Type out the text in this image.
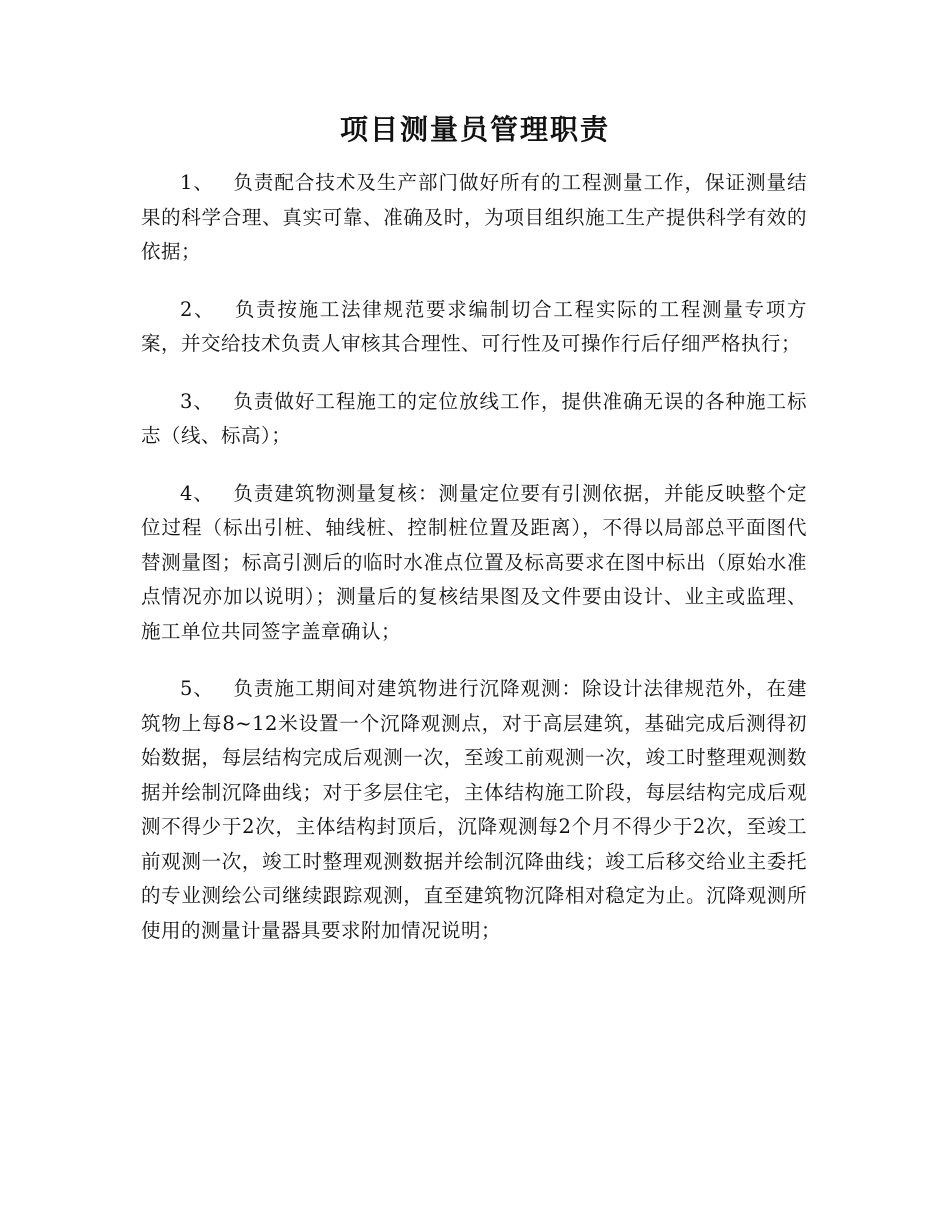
项目测量员管理职责

1、 负责配合技术及生产部门做好所有的工程测量工作，保证测量结果的科学合理、真实可靠、准确及时，为项目组织施工生产提供科学有效的依据；

2、 负责按施工法律规范要求编制切合工程实际的工程测量专项方案，并交给技术负责人审核其合理性、可行性及可操作行后仔细严格执行；

3、 负责做好工程施工的定位放线工作，提供准确无误的各种施工标志（线、标高）；

4、 负责建筑物测量复核：测量定位要有引测依据，并能反映整个定位过程（标出引桩、轴线桩、控制桩位置及距离），不得以局部总平面图代替测量图；标高引测后的临时水准点位置及标高要求在图中标出（原始水准点情况亦加以说明）；测量后的复核结果图及文件要由设计、业主或监理、施工单位共同签字盖章确认；

5、 负责施工期间对建筑物进行沉降观测：除设计法律规范外，在建筑物上每8~12米设置一个沉降观测点，对于高层建筑，基础完成后测得初始数据，每层结构完成后观测一次，至竣工前观测一次，竣工时整理观测数据并绘制沉降曲线；对于多层住宅，主体结构施工阶段，每层结构完成后观测不得少于2次，主体结构封顶后，沉降观测每2个月不得少于2次，至竣工前观测一次，竣工时整理观测数据并绘制沉降曲线；竣工后移交给业主委托的专业测绘公司继续跟踪观测，直至建筑物沉降相对稳定为止。沉降观测所使用的测量计量器具要求附加情况说明；
